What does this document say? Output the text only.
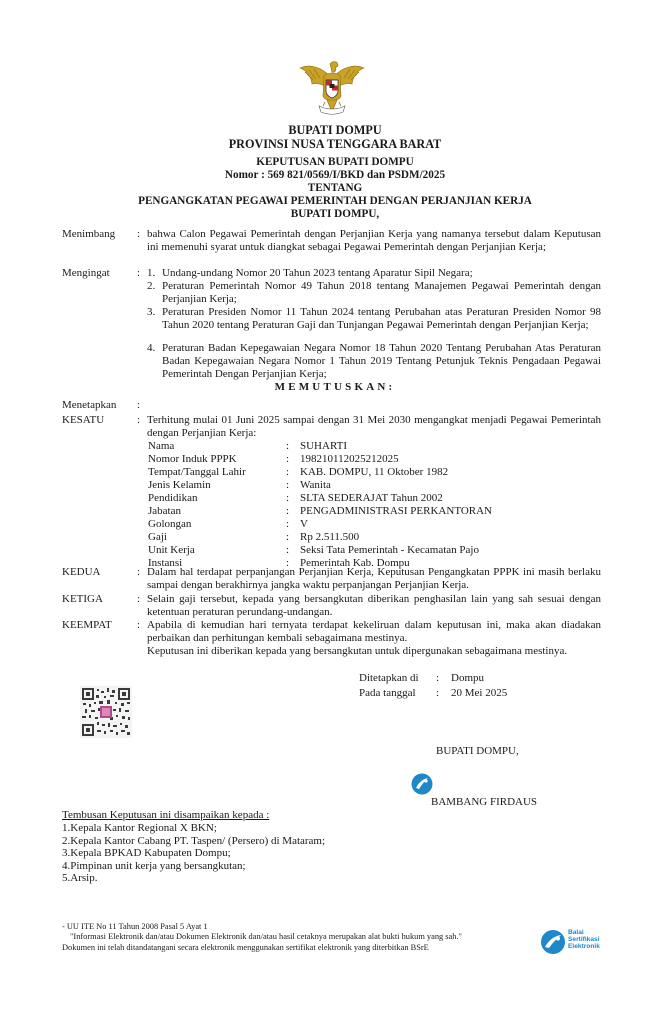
BUPATI DOMPU
PROVINSI NUSA TENGGARA BARAT
KEPUTUSAN BUPATI DOMPU
Nomor : 569 821/0569/I/BKD dan PSDM/2025
TENTANG
PENGANGKATAN PEGAWAI PEMERINTAH DENGAN PERJANJIAN KERJA
BUPATI DOMPU,
Menimbang : bahwa Calon Pegawai Pemerintah dengan Perjanjian Kerja yang namanya tersebut dalam Keputusan ini memenuhi syarat untuk diangkat sebagai Pegawai Pemerintah dengan Perjanjian Kerja;
Mengingat : 1. Undang-undang Nomor 20 Tahun 2023 tentang Aparatur Sipil Negara;
2. Peraturan Pemerintah Nomor 49 Tahun 2018 tentang Manajemen Pegawai Pemerintah dengan Perjanjian Kerja;
3. Peraturan Presiden Nomor 11 Tahun 2024 tentang Perubahan atas Peraturan Presiden Nomor 98 Tahun 2020 tentang Peraturan Gaji dan Tunjangan Pegawai Pemerintah dengan Perjanjian Kerja;
4. Peraturan Badan Kepegawaian Negara Nomor 18 Tahun 2020 Tentang Perubahan Atas Peraturan Badan Kepegawaian Negara Nomor 1 Tahun 2019 Tentang Petunjuk Teknis Pengadaan Pegawai Pemerintah Dengan Perjanjian Kerja;
MEMUTUSKAN:
Menetapkan :
KESATU	: Terhitung mulai 01 Juni 2025 sampai dengan 31 Mei 2030 mengangkat menjadi Pegawai Pemerintah dengan Perjanjian Kerja:
Nama	:	SUHARTI
Nomor Induk PPPK	:	198210112025212025
Tempat/Tanggal Lahir	:	KAB. DOMPU, 11 Oktober 1982
Jenis Kelamin	:	Wanita
Pendidikan	:	SLTA SEDERAJAT Tahun 2002
Jabatan	:	PENGADMINISTRASI PERKANTORAN
Golongan	:	V
Gaji	:	Rp 2.511.500
Unit Kerja	:	Seksi Tata Pemerintah - Kecamatan Pajo
Instansi	:	Pemerintah Kab. Dompu
KEDUA	: Dalam hal terdapat perpanjangan Perjanjian Kerja, Keputusan Pengangkatan PPPK ini masih berlaku sampai dengan berakhirnya jangka waktu perpanjangan Perjanjian Kerja.
KETIGA	: Selain gaji tersebut, kepada yang bersangkutan diberikan penghasilan lain yang sah sesuai dengan ketentuan peraturan perundang-undangan.
KEEMPAT : Apabila di kemudian hari ternyata terdapat kekeliruan dalam keputusan ini, maka akan diadakan perbaikan dan perhitungan kembali sebagaimana mestinya.
Keputusan ini diberikan kepada yang bersangkutan untuk dipergunakan sebagaimana mestinya.
Ditetapkan di : Dompu
Pada tanggal : 20 Mei 2025
BUPATI DOMPU,
BAMBANG FIRDAUS
Tembusan Keputusan ini disampaikan kepada :
1.Kepala Kantor Regional X BKN;
2.Kepala Kantor Cabang PT. Taspen/ (Persero) di Mataram;
3.Kepala BPKAD Kabupaten Dompu;
4.Pimpinan unit kerja yang bersangkutan;
5.Arsip.
- UU ITE No 11 Tahun 2008 Pasal 5 Ayat 1
"Informasi Elektronik dan/atau Dokumen Elektronik dan/atau hasil cetaknya merupakan alat bukti hukum yang sah."
Dokumen ini telah ditandatangani secara elektronik menggunakan sertifikat elektronik yang diterbitkan BSrE
Balai
Sertifikasi
Elektronik
